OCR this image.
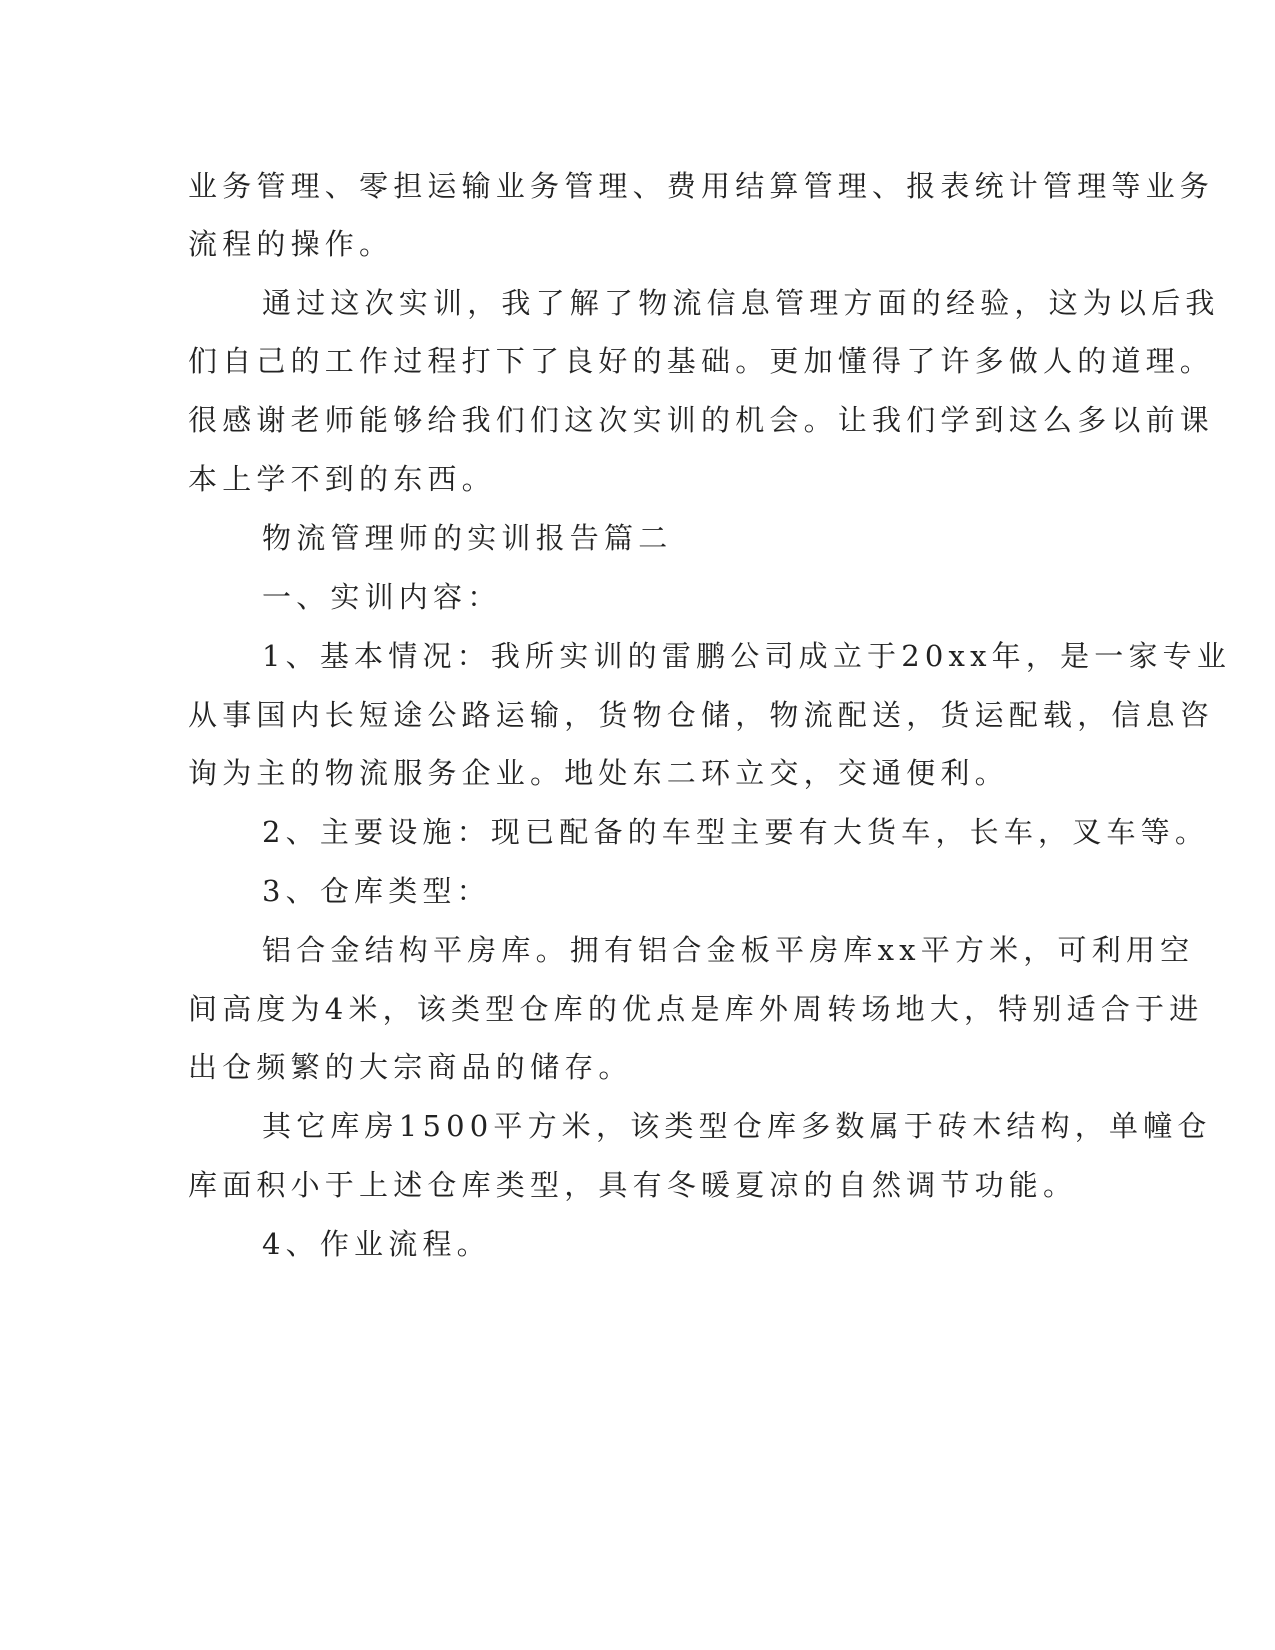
业务管理、零担运输业务管理、费用结算管理、报表统计管理等业务
流程的操作。
通过这次实训，我了解了物流信息管理方面的经验，这为以后我
们自己的工作过程打下了良好的基础。更加懂得了许多做人的道理。
很感谢老师能够给我们们这次实训的机会。让我们学到这么多以前课
本上学不到的东西。
物流管理师的实训报告篇二
一、实训内容：
1、基本情况：我所实训的雷鹏公司成立于20xx年，是一家专业
从事国内长短途公路运输，货物仓储，物流配送，货运配载，信息咨
询为主的物流服务企业。地处东二环立交，交通便利。
2、主要设施：现已配备的车型主要有大货车，长车，叉车等。
3、仓库类型：
铝合金结构平房库。拥有铝合金板平房库xx平方米，可利用空
间高度为4米，该类型仓库的优点是库外周转场地大，特别适合于进
出仓频繁的大宗商品的储存。
其它库房1500平方米，该类型仓库多数属于砖木结构，单幢仓
库面积小于上述仓库类型，具有冬暖夏凉的自然调节功能。
4、作业流程。
